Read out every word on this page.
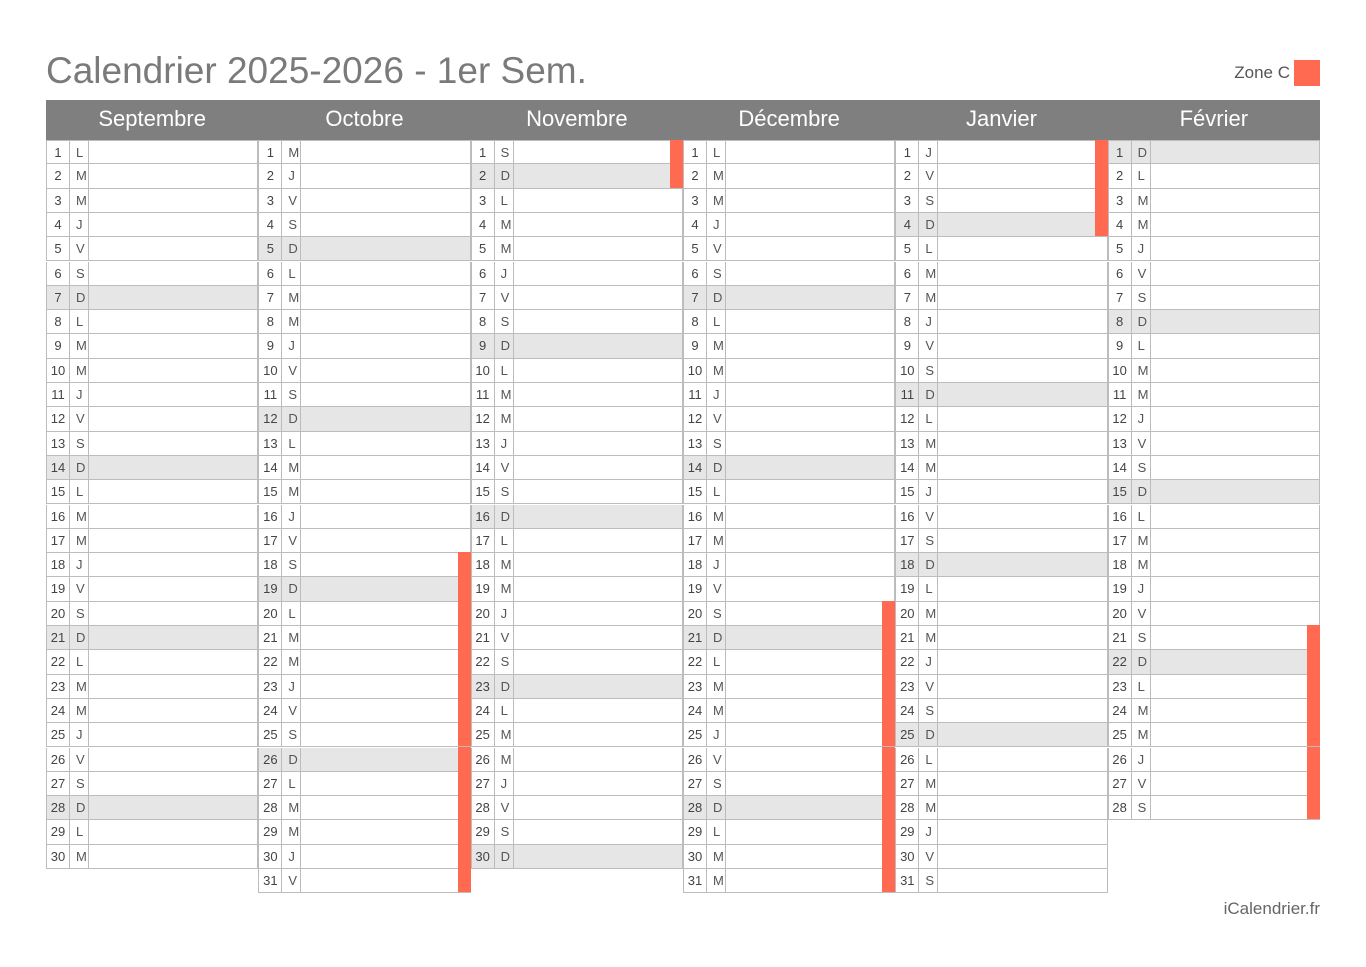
Calendrier 2025-2026 - 1er Sem.	Zone C
Septembre	Octobre	Novembre	Décembre	Janvier	Février
1	L
2	M
3	M
4	J
5	V
6	S
7	D
8	L
9	M
10 M
11 J
12 V
13 S
14 D
15 L
16 M
17 M
18 J
19 V
20 S
21 D
22 L
23 M
24 M
25 J
26 V
27 S
28 D
29 L
30 M
1	M
2	J
3	V
4	S
5	D
6	L
7	M
8	M
9	J
10 V
11 S
12 D
13 L
14 M
15 M
16 J
17 V
18 S
19 D
20 L
21 M
22 M
23 J
24 V
25 S
26 D
27 L
28 M
29 M
30 J
31 V
1	S
2	D
3	L
4	M
5	M
6	J
7	V
8	S
9	D
10 L
11 M
12 M
13 J
14 V
15 S
16 D
17 L
18 M
19 M
20 J
21 V
22 S
23 D
24 L
25 M
26 M
27 J
28 V
29 S
30 D
1	L
2	M
3	M
4	J
5	V
6	S
7	D
8	L
9	M
10 M
11 J
12 V
13 S
14 D
15 L
16 M
17 M
18 J
19 V
20 S
21 D
22 L
23 M
24 M
25 J
26 V
27 S
28 D
29 L
30 M
31 M
1	J
2	V
3	S
4	D
5	L
6	M
7	M
8	J
9	V
10 S
11 D
12 L
13 M
14 M
15 J
16 V
17 S
18 D
19 L
20 M
21 M
22 J
23 V
24 S
25 D
26 L
27 M
28 M
29 J
30 V
31 S
1	D
2	L
3	M
4	M
5	J
6	V
7	S
8	D
9	L
10 M
11 M
12 J
13 V
14 S
15 D
16 L
17 M
18 M
19 J
20 V
21 S
22 D
23 L
24 M
25 M
26 J
27 V
28 S
iCalendrier.fr
